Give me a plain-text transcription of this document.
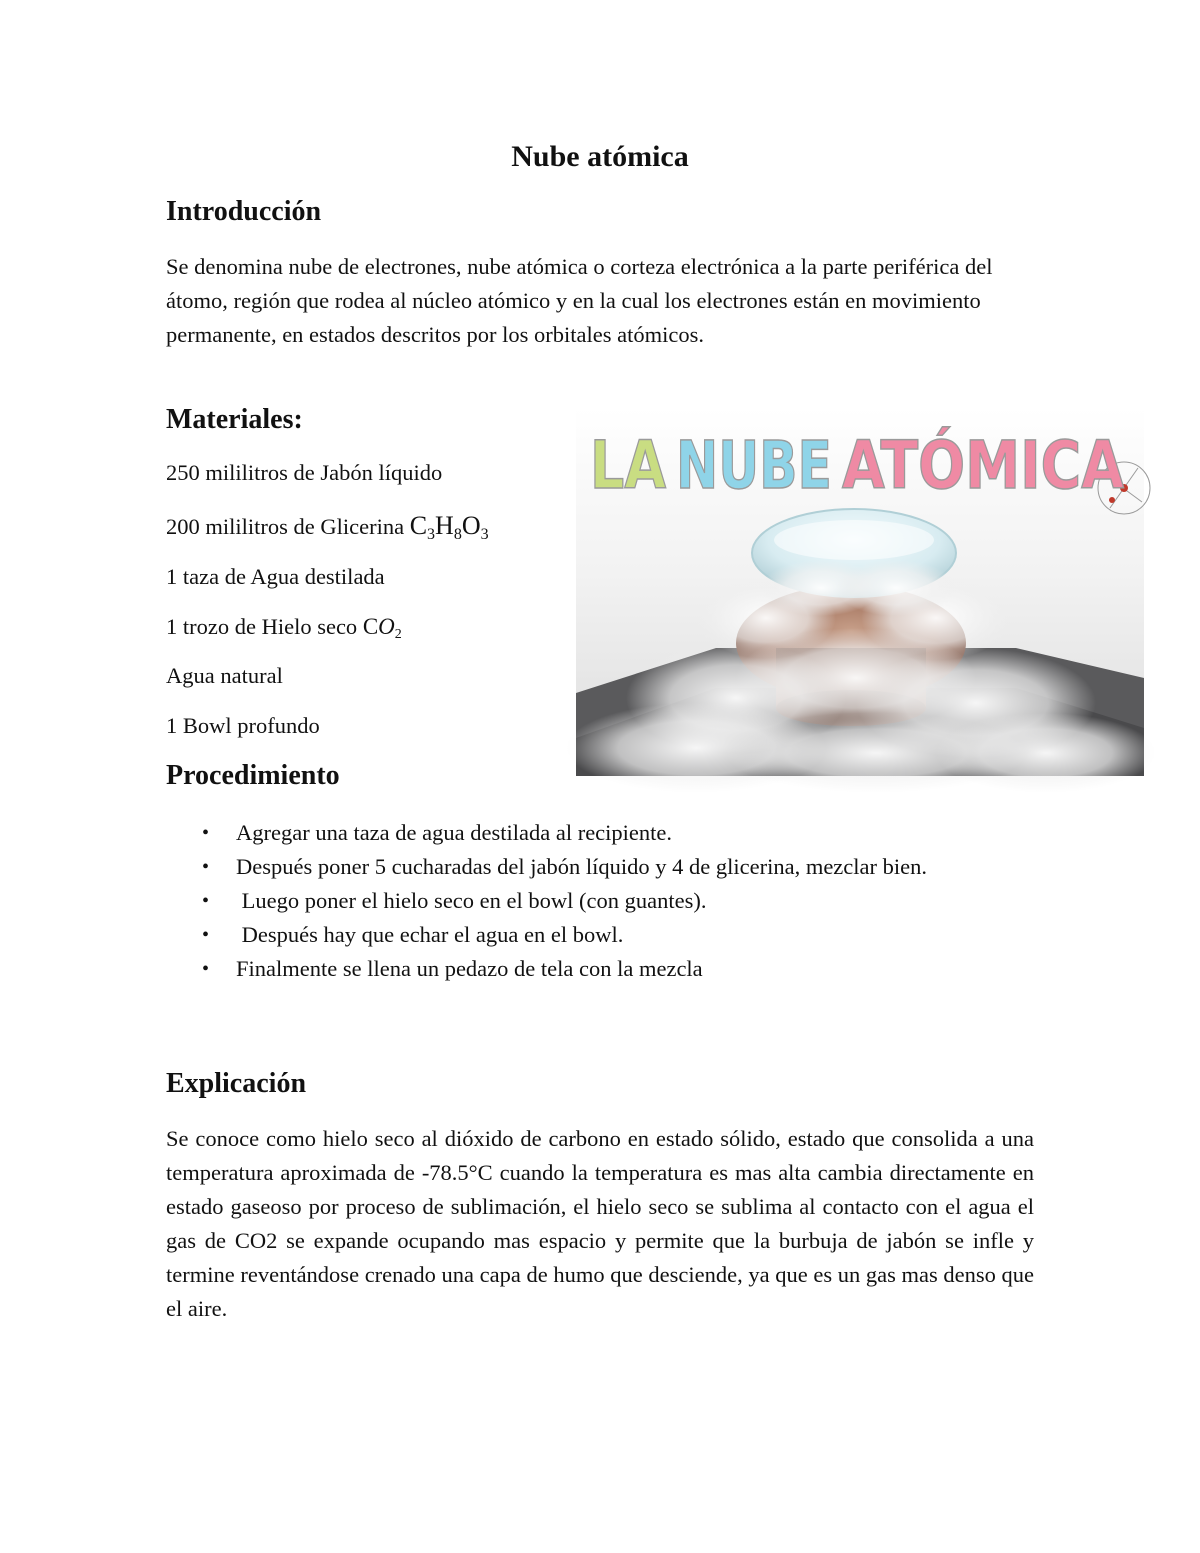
Nube atómica
Introducción

Se denomina nube de electrones, nube atómica o corteza electrónica a la parte periférica del átomo, región que rodea al núcleo atómico y en la cual los electrones están en movimiento permanente, en estados descritos por los orbitales atómicos.

Materiales:

250 mililitros de Jabón líquido

200 mililitros de Glicerina $C_3H_8O_3$

1 taza de Agua destilada

1 trozo de Hielo seco $CO_2$

Agua natural

1 Bowl profundo

LA NUBE ATÓMICA
Procedimiento
• Agregar una taza de agua destilada al recipiente.
• Después poner 5 cucharadas del jabón líquido y 4 de glicerina, mezclar bien.
• Luego poner el hielo seco en el bowl (con guantes).
• Después hay que echar el agua en el bowl.
• Finalmente se llena un pedazo de tela con la mezcla
Explicación

Se conoce como hielo seco al dióxido de carbono en estado sólido, estado que consolida a una temperatura aproximada de -78.5°C cuando la temperatura es mas alta cambia directamente en estado gaseoso por proceso de sublimación, el hielo seco se sublima al contacto con el agua el gas de CO2 se expande ocupando mas espacio y permite que la burbuja de jabón se infle y termine reventándose crenado una capa de humo que desciende, ya que es un gas mas denso que el aire.
